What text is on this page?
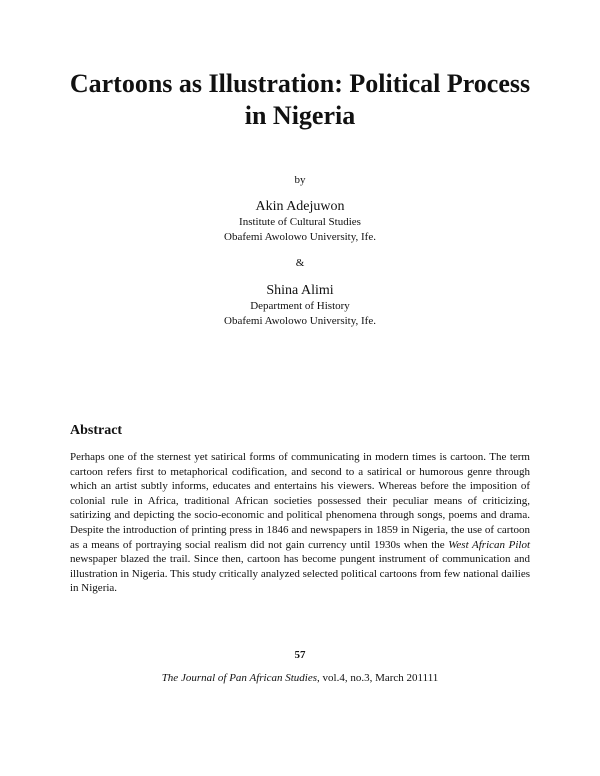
Cartoons as Illustration: Political Process
in Nigeria

by

Akin Adejuwon

Institute of Cultural Studies

Obafemi Awolowo University, Ife.

&

Shina Alimi

Department of History

Obafemi Awolowo University, Ife.

Abstract

Perhaps one of the sternest yet satirical forms of communicating in modern times is cartoon. The term cartoon refers first to metaphorical codification, and second to a satirical or humorous genre through which an artist subtly informs, educates and entertains his viewers. Whereas before the imposition of colonial rule in Africa, traditional African societies possessed their peculiar means of criticizing, satirizing and depicting the socio-economic and political phenomena through songs, poems and drama. Despite the introduction of printing press in 1846 and newspapers in 1859 in Nigeria, the use of cartoon as a means of portraying social realism did not gain currency until 1930s when the West African Pilot newspaper blazed the trail. Since then, cartoon has become pungent instrument of communication and illustration in Nigeria. This study critically analyzed selected political cartoons from few national dailies in Nigeria.

57

The Journal of Pan African Studies, vol.4, no.3, March 201111
